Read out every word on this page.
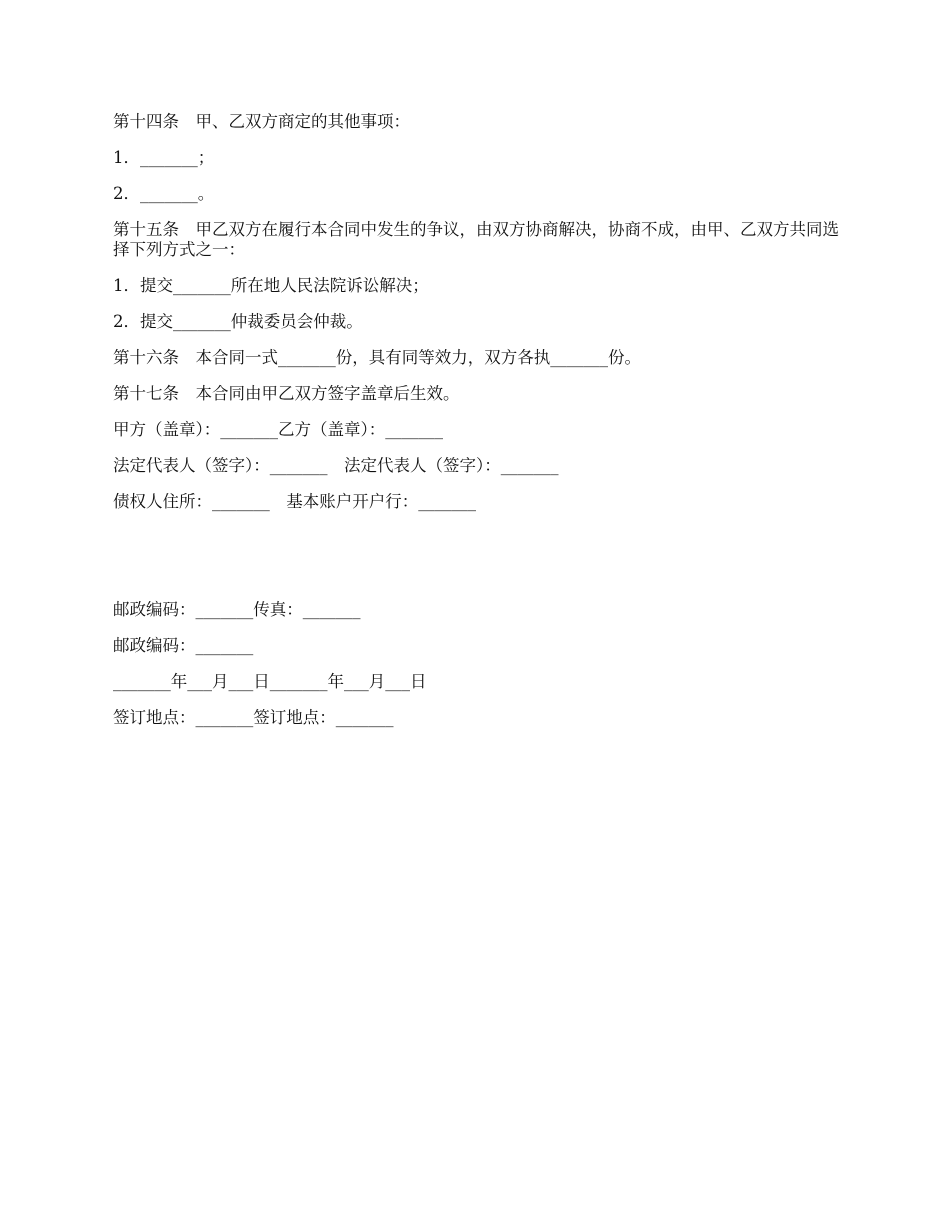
第十四条　甲、乙双方商定的其他事项：
1．_______；
2．_______。
第十五条　甲乙双方在履行本合同中发生的争议，由双方协商解决，协商不成，由甲、乙双方共同选择下列方式之一：
1．提交_______所在地人民法院诉讼解决；
2．提交_______仲裁委员会仲裁。
第十六条　本合同一式_______份，具有同等效力，双方各执_______份。
第十七条　本合同由甲乙双方签字盖章后生效。
甲方（盖章）：_______乙方（盖章）：_______
法定代表人（签字）：_______　法定代表人（签字）：_______
债权人住所：_______　基本账户开户行：_______
邮政编码：_______传真：_______
邮政编码：_______
_______年___月___日_______年___月___日
签订地点：_______签订地点：_______
